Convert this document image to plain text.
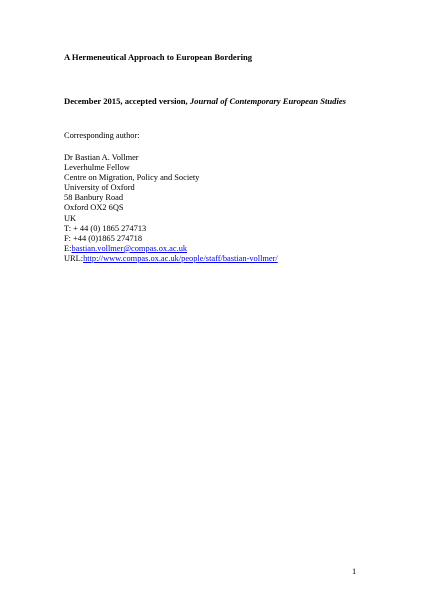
A Hermeneutical Approach to European Bordering
December 2015, accepted version, Journal of Contemporary European Studies
Corresponding author:
Dr Bastian A. Vollmer
Leverhulme Fellow
Centre on Migration, Policy and Society
University of Oxford
58 Banbury Road
Oxford OX2 6QS
UK
T: + 44 (0) 1865 274713
F: +44 (0)1865 274718
E:bastian.vollmer@compas.ox.ac.uk
URL:http://www.compas.ox.ac.uk/people/staff/bastian-vollmer/
1
